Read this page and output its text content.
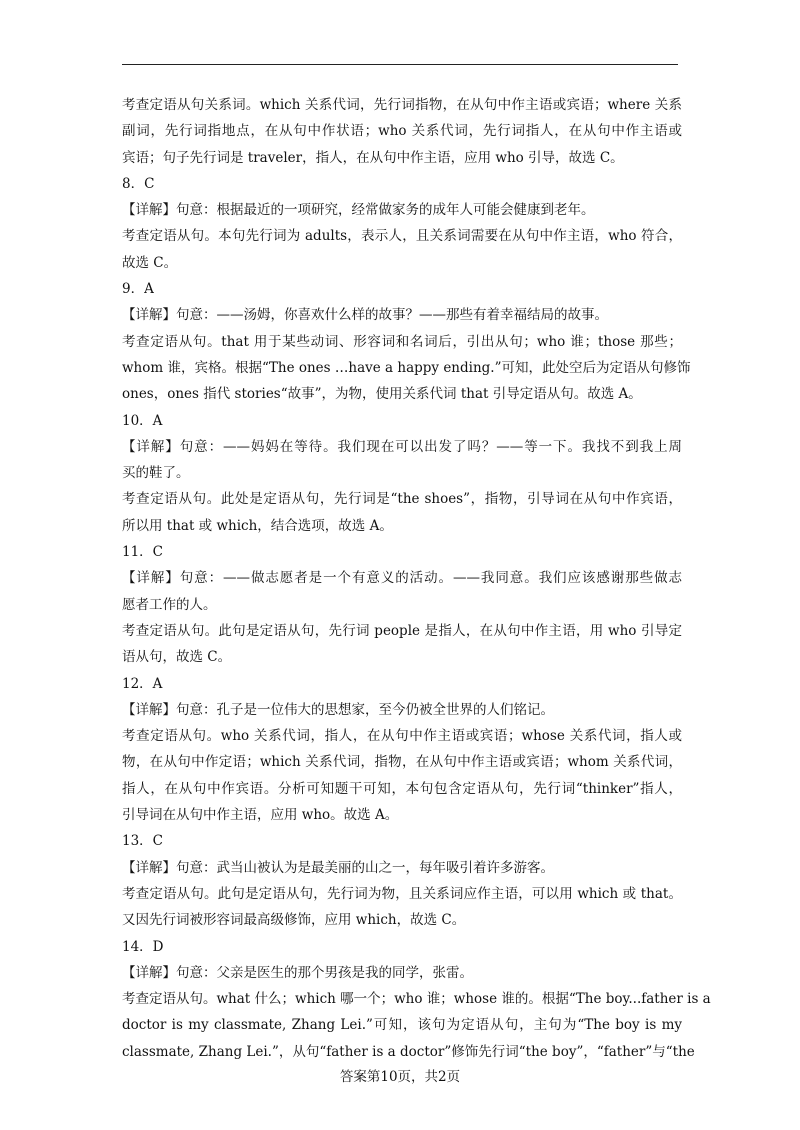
考查定语从句关系词。which 关系代词，先行词指物，在从句中作主语或宾语；where 关系
副词，先行词指地点，在从句中作状语；who 关系代词，先行词指人，在从句中作主语或
宾语；句子先行词是 traveler，指人，在从句中作主语，应用 who 引导，故选 C。
8．C
【详解】句意：根据最近的一项研究，经常做家务的成年人可能会健康到老年。
考查定语从句。本句先行词为 adults，表示人，且关系词需要在从句中作主语，who 符合，
故选 C。
9．A
【详解】句意：——汤姆，你喜欢什么样的故事？——那些有着幸福结局的故事。
考查定语从句。that 用于某些动词、形容词和名词后，引出从句；who 谁；those 那些；
whom 谁，宾格。根据“The ones …have a happy ending.”可知，此处空后为定语从句修饰
ones，ones 指代 stories“故事”，为物，使用关系代词 that 引导定语从句。故选 A。
10．A
【详解】句意：——妈妈在等待。我们现在可以出发了吗？——等一下。我找不到我上周
买的鞋了。
考查定语从句。此处是定语从句，先行词是“the shoes”，指物，引导词在从句中作宾语，
所以用 that 或 which，结合选项，故选 A。
11．C
【详解】句意：——做志愿者是一个有意义的活动。——我同意。我们应该感谢那些做志
愿者工作的人。
考查定语从句。此句是定语从句，先行词 people 是指人，在从句中作主语，用 who 引导定
语从句，故选 C。
12．A
【详解】句意：孔子是一位伟大的思想家，至今仍被全世界的人们铭记。
考查定语从句。who 关系代词，指人，在从句中作主语或宾语；whose 关系代词，指人或
物，在从句中作定语；which 关系代词，指物，在从句中作主语或宾语；whom 关系代词，
指人，在从句中作宾语。分析可知题干可知，本句包含定语从句，先行词“thinker”指人，
引导词在从句中作主语，应用 who。故选 A。
13．C
【详解】句意：武当山被认为是最美丽的山之一，每年吸引着许多游客。
考查定语从句。此句是定语从句，先行词为物，且关系词应作主语，可以用 which 或 that。
又因先行词被形容词最高级修饰，应用 which，故选 C。
14．D
【详解】句意：父亲是医生的那个男孩是我的同学，张雷。
考查定语从句。what 什么；which 哪一个；who 谁；whose 谁的。根据“The boy...father is a
doctor is my classmate, Zhang Lei.”可知，该句为定语从句，主句为“The boy is my
classmate, Zhang Lei.”，从句“father is a doctor”修饰先行词“the boy”，“father”与“the
答案第10页，共2页
